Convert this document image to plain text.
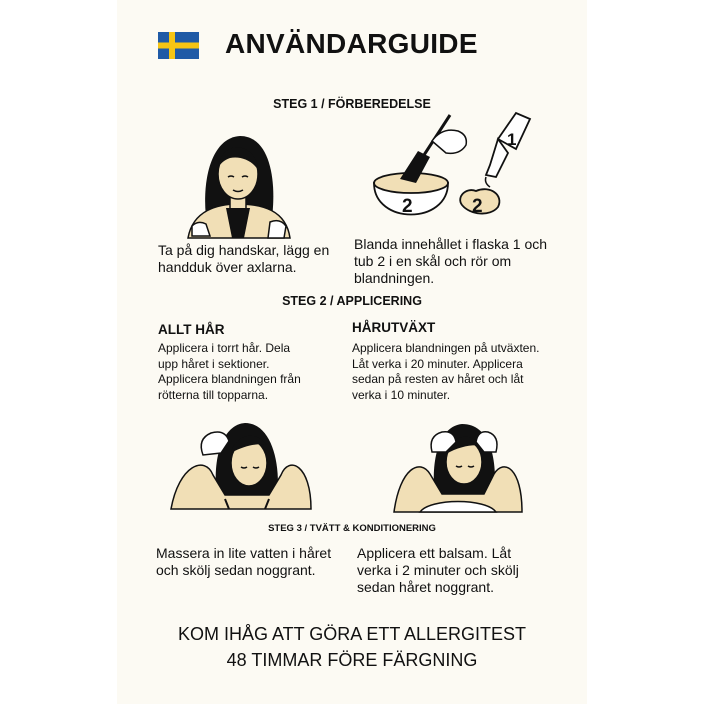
ANVÄNDARGUIDE
STEG 1 / FÖRBEREDELSE
2	2
1
Ta på dig handskar, lägg en
handduk över axlarna.
Blanda innehållet i flaska 1 och
tub 2 i en skål och rör om
blandningen.
STEG 2 / APPLICERING
ALLT HÅR
Applicera i torrt hår. Dela
upp håret i sektioner.
Applicera blandningen från
rötterna till topparna.
HÅRUTVÄXT
Applicera blandningen på utväxten.
Låt verka i 20 minuter. Applicera
sedan på resten av håret och låt
verka i 10 minuter.
STEG 3 / TVÄTT & KONDITIONERING
Massera in lite vatten i håret
och skölj sedan noggrant.
Applicera ett balsam. Låt
verka i 2 minuter och skölj
sedan håret noggrant.
KOM IHÅG ATT GÖRA ETT ALLERGITEST
48 TIMMAR FÖRE FÄRGNING
